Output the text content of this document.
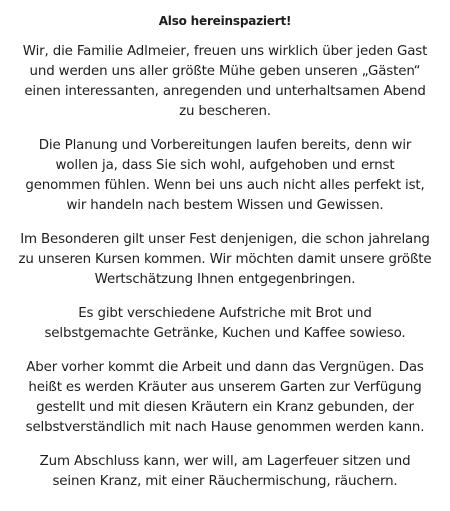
Also hereinspaziert!

Wir, die Familie Adlmeier, freuen uns wirklich über jeden Gast und werden uns aller größte Mühe geben unseren „Gästen“ einen interessanten, anregenden und unterhaltsamen Abend zu bescheren.

Die Planung und Vorbereitungen laufen bereits, denn wir wollen ja, dass Sie sich wohl, aufgehoben und ernst genommen fühlen. Wenn bei uns auch nicht alles perfekt ist, wir handeln nach bestem Wissen und Gewissen.

Im Besonderen gilt unser Fest denjenigen, die schon jahrelang zu unseren Kursen kommen. Wir möchten damit unsere größte Wertschätzung Ihnen entgegenbringen.

Es gibt verschiedene Aufstriche mit Brot und selbstgemachte Getränke, Kuchen und Kaffee sowieso.

Aber vorher kommt die Arbeit und dann das Vergnügen. Das heißt es werden Kräuter aus unserem Garten zur Verfügung gestellt und mit diesen Kräutern ein Kranz gebunden, der selbstverständlich mit nach Hause genommen werden kann.

Zum Abschluss kann, wer will, am Lagerfeuer sitzen und seinen Kranz, mit einer Räuchermischung, räuchern.
